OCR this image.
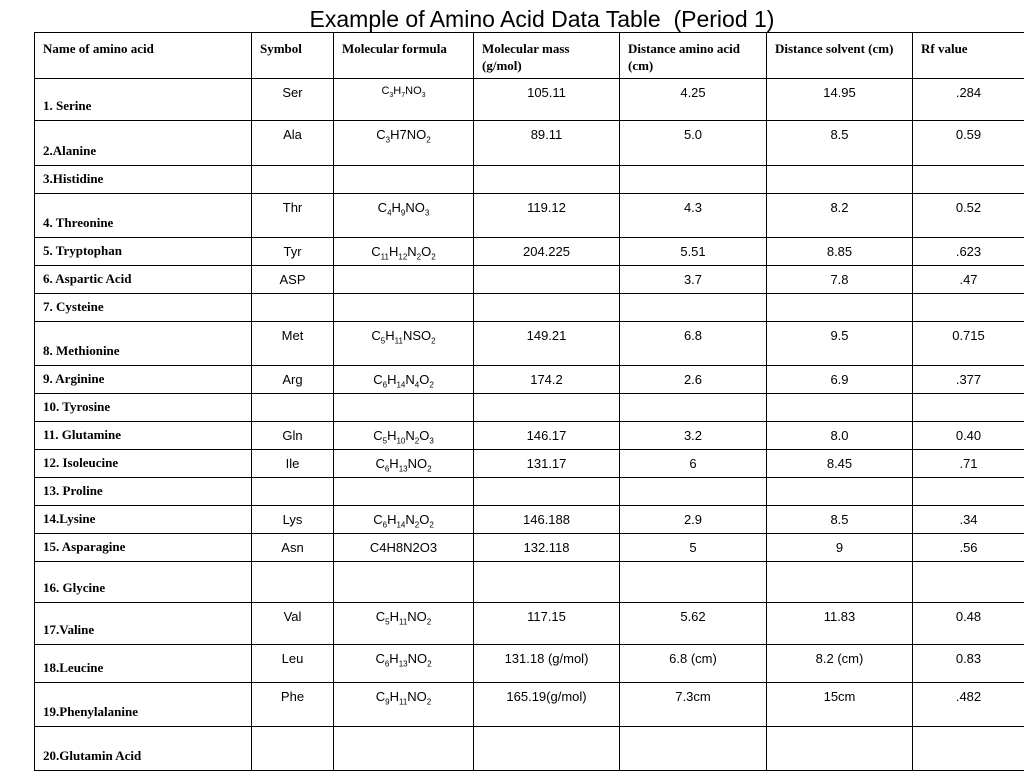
Example of Amino Acid Data Table  (Period 1)
Name of amino acid	Symbol	Molecular formula	Molecular mass (g/mol)	Distance amino acid (cm)	Distance solvent (cm)	Rf value
1. Serine	Ser	$C_3H_7NO_3$	105.11	4.25	14.95	.284
2.Alanine	Ala	$C_3H7NO_2$	89.11	5.0	8.5	0.59
3.Histidine						
4. Threonine	Thr	$C_4H_9NO_3$	119.12	4.3	8.2	0.52
5. Tryptophan	Tyr	$C_{11}H_{12}N_2O_2$	204.225	5.51	8.85	.623
6. Aspartic Acid	ASP			3.7	7.8	.47
7. Cysteine						
8. Methionine	Met	$C_5H_{11}NSO_2$	149.21	6.8	9.5	0.715
9. Arginine	Arg	$C_6H_{14}N_4O_2$	174.2	2.6	6.9	.377
10. Tyrosine						
11. Glutamine	Gln	$C_5H_{10}N_2O_3$	146.17	3.2	8.0	0.40
12. Isoleucine	Ile	$C_6H_{13}NO_2$	131.17	6	8.45	.71
13. Proline						
14.Lysine	Lys	$C_6H_{14}N_2O_2$	146.188	2.9	8.5	.34
15. Asparagine	Asn	C4H8N2O3	132.118	5	9	.56
16. Glycine						
17.Valine	Val	$C_5H_{11}NO_2$	117.15	5.62	11.83	0.48
18.Leucine	Leu	$C_6H_{13}NO_2$	131.18 (g/mol)	6.8 (cm)	8.2 (cm)	0.83
19.Phenylalanine	Phe	$C_9H_{11}NO_2$	165.19(g/mol)	7.3cm	15cm	.482
20.Glutamin Acid						
